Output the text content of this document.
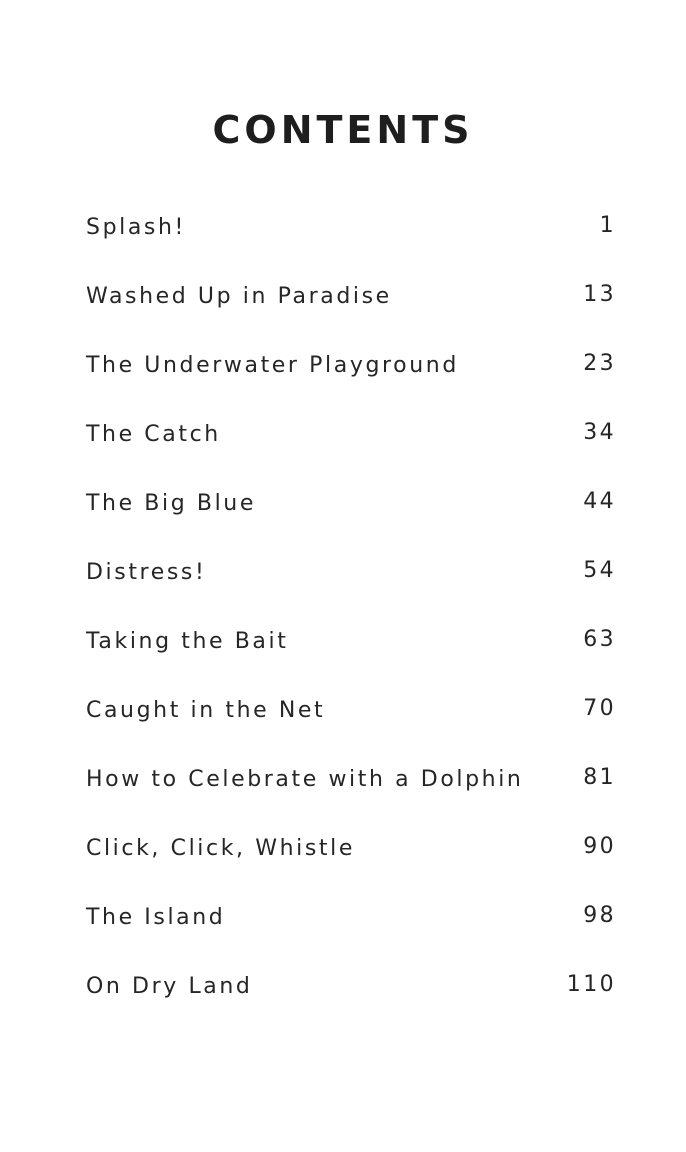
CONTENTS
Splash!	1
Washed Up in Paradise	13
The Underwater Playground	23
The Catch	34
The Big Blue	44
Distress!	54
Taking the Bait	63
Caught in the Net	70
How to Celebrate with a Dolphin	81
Click, Click, Whistle	90
The Island	98
On Dry Land	110
